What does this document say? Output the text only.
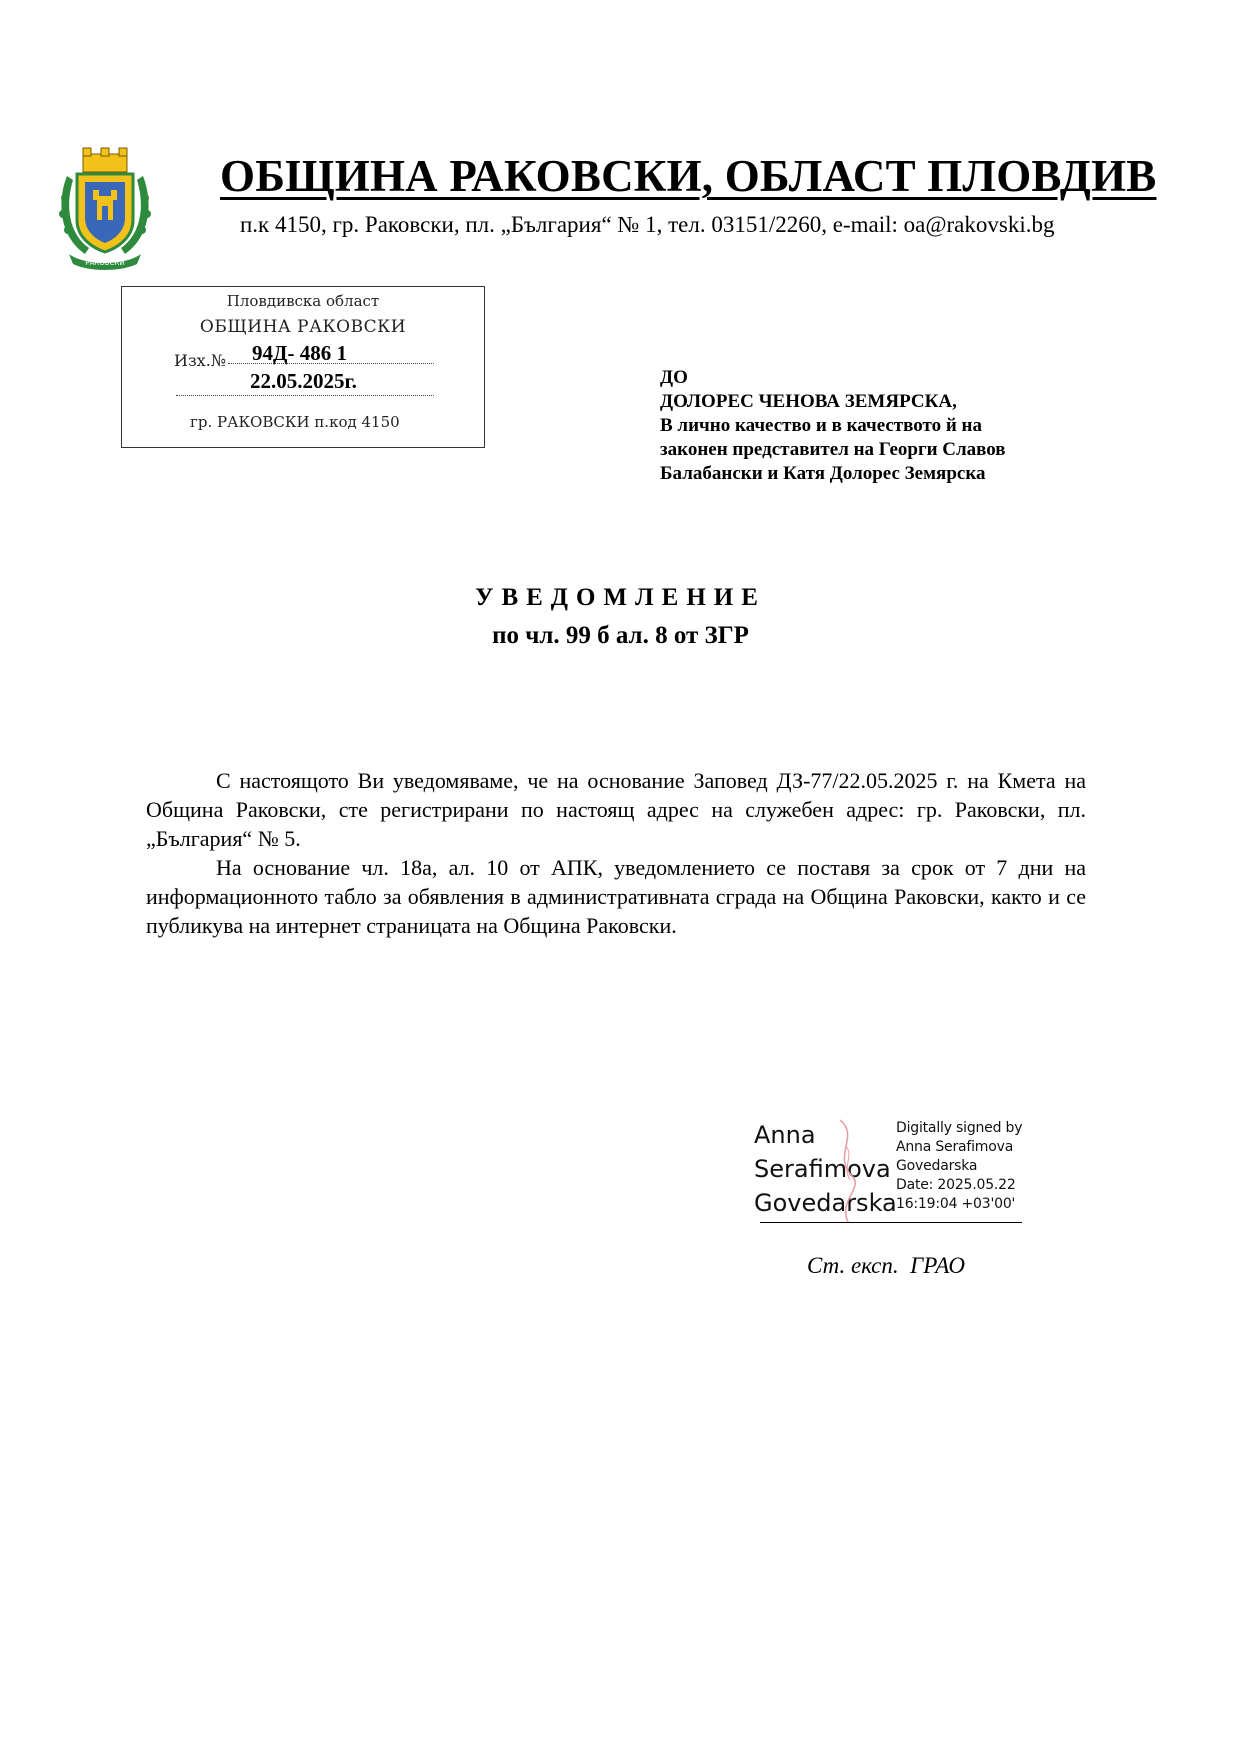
РАКОВСКИ
ОБЩИНА РАКОВСКИ, ОБЛАСТ ПЛОВДИВ
п.к 4150, гр. Раковски, пл. „България“ № 1, тел. 03151/2260, e-mail: oa@rakovski.bg
Пловдивска област
ОБЩИНА РАКОВСКИ
Изх.№ 94Д- 486 1
22.05.2025г.
гр. РАКОВСКИ п.код 4150
ДО
ДОЛОРЕС ЧЕНОВА ЗЕМЯРСКА,
В лично качество и в качеството й на
законен представител на Георги Славов
Балабански и Катя Долорес Земярска
УВЕДОМЛЕНИЕ
по чл. 99 б ал. 8 от ЗГР

С настоящото Ви уведомяваме, че на основание Заповед ДЗ-77/22.05.2025 г. на Кмета на Община Раковски, сте регистрирани по настоящ адрес на служебен адрес: гр. Раковски, пл. „България“ № 5.

На основание чл. 18а, ал. 10 от АПК, уведомлението се поставя за срок от 7 дни на информационното табло за обявления в административната сграда на Община Раковски, както и се публикува на интернет страницата на Община Раковски.

Anna
Serafimova
Govedarska
Digitally signed by
Anna Serafimova
Govedarska
Date: 2025.05.22
16:19:04 +03'00'
Ст. експ.  ГРАО
